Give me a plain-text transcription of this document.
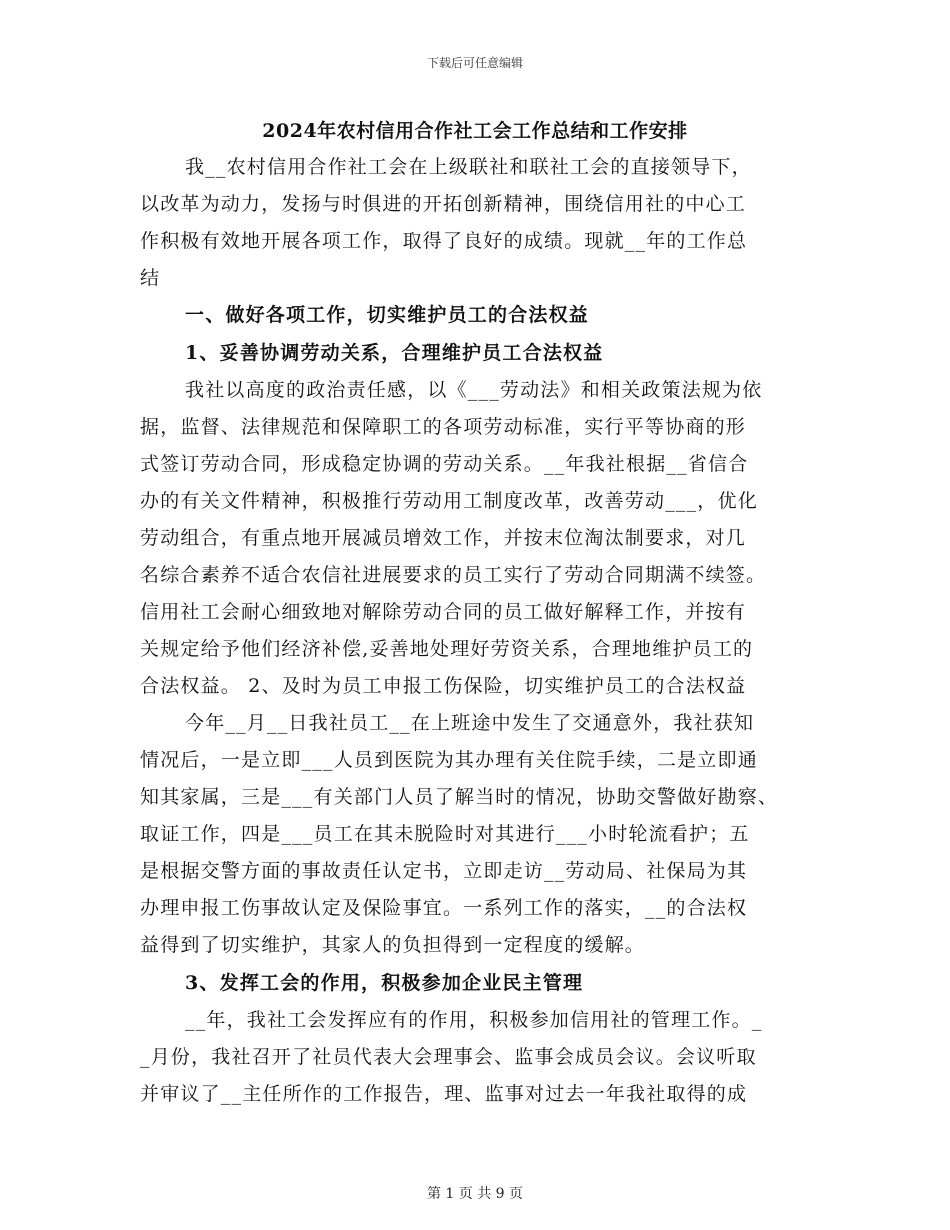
下载后可任意编辑
2024年农村信用合作社工会工作总结和工作安排
我__农村信用合作社工会在上级联社和联社工会的直接领导下，
以改革为动力，发扬与时俱进的开拓创新精神，围绕信用社的中心工
作积极有效地开展各项工作，取得了良好的成绩。现就__年的工作总
结
一、做好各项工作，切实维护员工的合法权益
1、妥善协调劳动关系，合理维护员工合法权益
我社以高度的政治责任感，以《___劳动法》和相关政策法规为依
据，监督、法律规范和保障职工的各项劳动标准，实行平等协商的形
式签订劳动合同，形成稳定协调的劳动关系。__年我社根据__省信合
办的有关文件精神，积极推行劳动用工制度改革，改善劳动___，优化
劳动组合，有重点地开展减员增效工作，并按末位淘汰制要求，对几
名综合素养不适合农信社进展要求的员工实行了劳动合同期满不续签。
信用社工会耐心细致地对解除劳动合同的员工做好解释工作，并按有
关规定给予他们经济补偿,妥善地处理好劳资关系，合理地维护员工的
合法权益。 2、及时为员工申报工伤保险，切实维护员工的合法权益
今年__月__日我社员工__在上班途中发生了交通意外，我社获知
情况后，一是立即___人员到医院为其办理有关住院手续，二是立即通
知其家属，三是___有关部门人员了解当时的情况，协助交警做好勘察、
取证工作，四是___员工在其未脱险时对其进行___小时轮流看护；五
是根据交警方面的事故责任认定书，立即走访__劳动局、社保局为其
办理申报工伤事故认定及保险事宜。一系列工作的落实，__的合法权
益得到了切实维护，其家人的负担得到一定程度的缓解。
3、发挥工会的作用，积极参加企业民主管理
__年，我社工会发挥应有的作用，积极参加信用社的管理工作。_
_月份，我社召开了社员代表大会理事会、监事会成员会议。会议听取
并审议了__主任所作的工作报告，理、监事对过去一年我社取得的成
第 1 页 共 9 页
